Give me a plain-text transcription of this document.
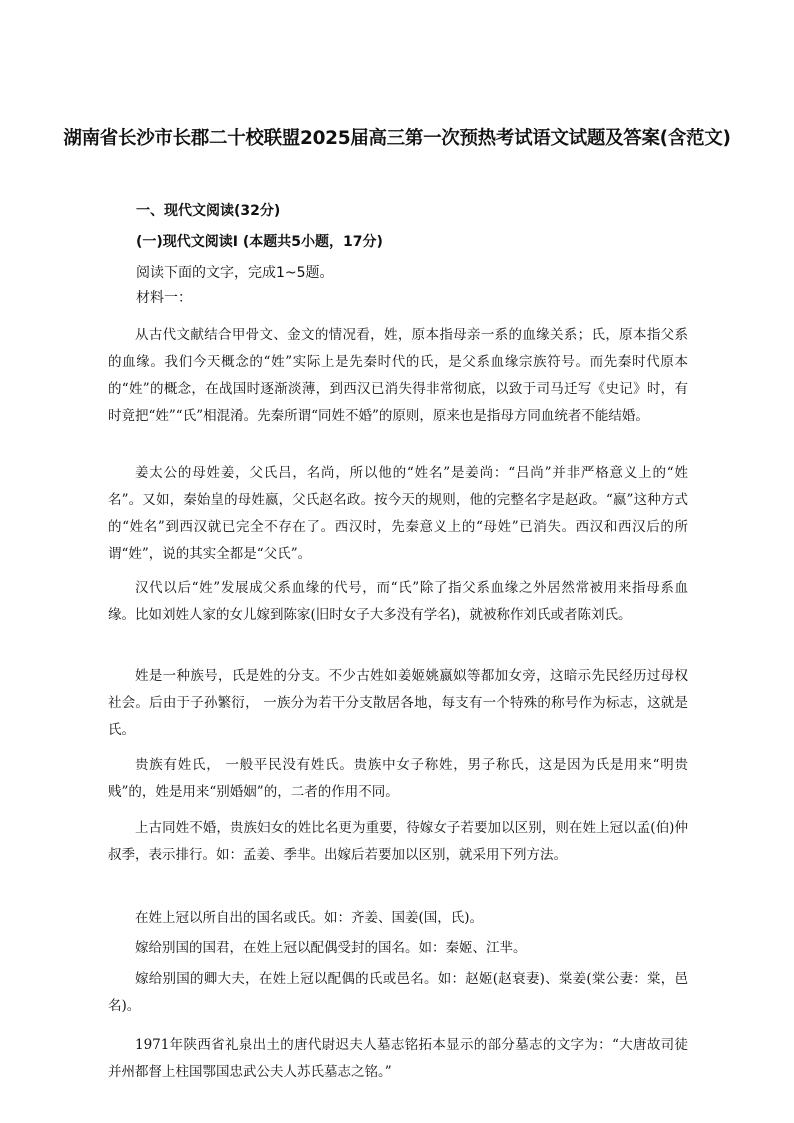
湖南省长沙市长郡二十校联盟2025届高三第一次预热考试语文试题及答案(含范文)
一、现代文阅读(32分)
(一)现代文阅读I (本题共5小题，17分)
阅读下面的文字，完成1~5题。
材料一：
从古代文献结合甲骨文、金文的情况看，姓，原本指母亲一系的血缘关系；氏，原本指父系的血缘。我们今天概念的“姓”实际上是先秦时代的氏，是父系血缘宗族符号。而先秦时代原本的“姓”的概念，在战国时逐渐淡薄，到西汉已消失得非常彻底，以致于司马迁写《史记》时，有时竟把“姓”“氏”相混淆。先秦所谓“同姓不婚”的原则，原来也是指母方同血统者不能结婚。
姜太公的母姓姜，父氏吕，名尚，所以他的“姓名”是姜尚：“吕尚”并非严格意义上的“姓名”。又如，秦始皇的母姓嬴，父氏赵名政。按今天的规则，他的完整名字是赵政。“嬴”这种方式的“姓名”到西汉就已完全不存在了。西汉时，先秦意义上的“母姓”已消失。西汉和西汉后的所谓“姓”，说的其实全都是“父氏”。
汉代以后“姓”发展成父系血缘的代号，而“氏”除了指父系血缘之外居然常被用来指母系血缘。比如刘姓人家的女儿嫁到陈家(旧时女子大多没有学名)，就被称作刘氏或者陈刘氏。
姓是一种族号，氏是姓的分支。不少古姓如姜姬姚嬴姒等都加女旁，这暗示先民经历过母权社会。后由于子孙繁衍， 一族分为若干分支散居各地，每支有一个特殊的称号作为标志，这就是氏。
贵族有姓氏， 一般平民没有姓氏。贵族中女子称姓，男子称氏，这是因为氏是用来“明贵贱”的，姓是用来“别婚姻”的，二者的作用不同。
上古同姓不婚，贵族妇女的姓比名更为重要，待嫁女子若要加以区别，则在姓上冠以孟(伯)仲叔季，表示排行。如：孟姜、季芈。出嫁后若要加以区别，就采用下列方法。
在姓上冠以所自出的国名或氏。如：齐姜、国姜(国，氏)。
嫁给别国的国君，在姓上冠以配偶受封的国名。如：秦姬、江芈。
嫁给别国的卿大夫，在姓上冠以配偶的氏或邑名。如：赵姬(赵衰妻)、棠姜(棠公妻：棠，邑名)。
1971年陕西省礼泉出土的唐代尉迟夫人墓志铭拓本显示的部分墓志的文字为：“大唐故司徒并州都督上柱国鄂国忠武公夫人苏氏墓志之铭。”
